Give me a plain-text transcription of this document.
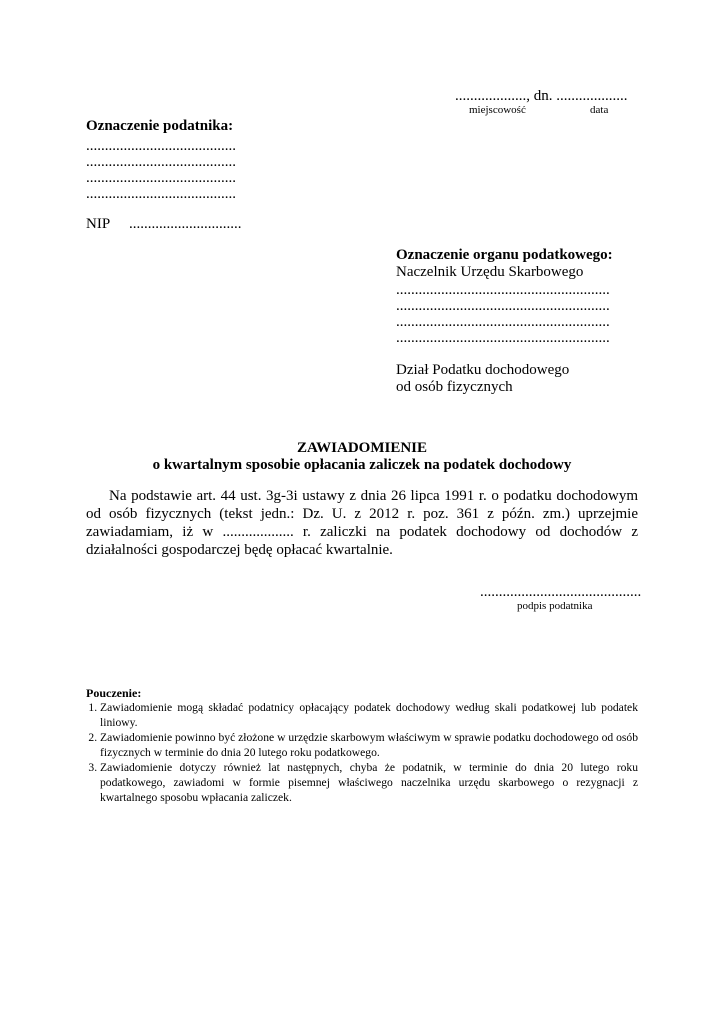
..................., dn. ...................
miejscowość	data
Oznaczenie podatnika:
........................................
........................................
........................................
........................................
NIP ..............................
Oznaczenie organu podatkowego:
Naczelnik Urzędu Skarbowego
.........................................................
.........................................................
.........................................................
.........................................................
Dział Podatku dochodowego
od osób fizycznych
ZAWIADOMIENIE
o kwartalnym sposobie opłacania zaliczek na podatek dochodowy
Na podstawie art. 44 ust. 3g-3i ustawy z dnia 26 lipca 1991 r. o podatku dochodowym od osób fizycznych (tekst jedn.: Dz. U. z 2012 r. poz. 361 z późn. zm.) uprzejmie zawiadamiam, iż w ................... r. zaliczki na podatek dochodowy od dochodów z działalności gospodarczej będę opłacać kwartalnie.
...........................................
podpis podatnika
Pouczenie:
1. Zawiadomienie mogą składać podatnicy opłacający podatek dochodowy według skali podatkowej lub podatek liniowy.
2. Zawiadomienie powinno być złożone w urzędzie skarbowym właściwym w sprawie podatku dochodowego od osób fizycznych w terminie do dnia 20 lutego roku podatkowego.
3. Zawiadomienie dotyczy również lat następnych, chyba że podatnik, w terminie do dnia 20 lutego roku podatkowego, zawiadomi w formie pisemnej właściwego naczelnika urzędu skarbowego o rezygnacji z kwartalnego sposobu wpłacania zaliczek.
